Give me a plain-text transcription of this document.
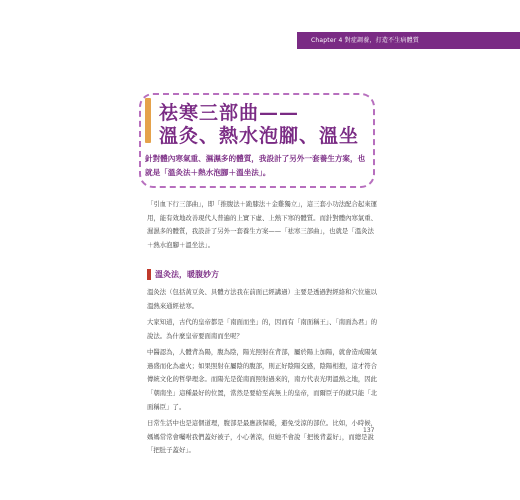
Chapter 4 對症調養，打造不生病體質
祛寒三部曲——
溫灸、熱水泡腳、溫坐
針對體內寒氣重、濕濕多的體質，我設計了另外一套養生方案，也就是「溫灸法＋熱水泡腳＋溫坐法」。
「引血下行三部曲」，即「推腹法＋跪膝法＋金雞獨立」，這三套小功法配合起來運用，能有效地改善現代人普遍的上實下虛、上熱下寒的體質。而針對體內寒氣重、濕濕多的體質，我設計了另外一套養生方案——「祛寒三部曲」，也就是「溫灸法＋熱水泡腳＋溫坐法」。
溫灸法，暖腹妙方
溫灸法（包括黃豆灸、具體方法我在前面已經講過）主要是透過對經絡和穴位施以溫熱來通經祛寒。
大家知道，古代的皇帝都是「南面而坐」的，因而有「南面稱王」、「南面為君」的說法。為什麼皇帝要面南而坐呢？
中醫認為，人體背為陽，腹為陰，陽光照射在背部，屬於陽上加陽，就會造成陽氣過盛而化為虛火；如果照射在屬陰的腹部，則正好陰陽交感，陰陽相抱，這才符合傳統文化的哲學理念。而陽光是從南面照射過來的，南方代表光明溫熱之地，因此「朝南坐」這種最好的位置，當然是要給至高無上的皇帝，而爾臣子的就只能「北面稱臣」了。
日常生活中也是這個道理，腹部是最應該保暖，避免受涼的部位。比如，小時候，媽媽常常會囑咐我們蓋好被子，小心著涼，但她不會說「把後背蓋好」，而總是說「把肚子蓋好」。
137
